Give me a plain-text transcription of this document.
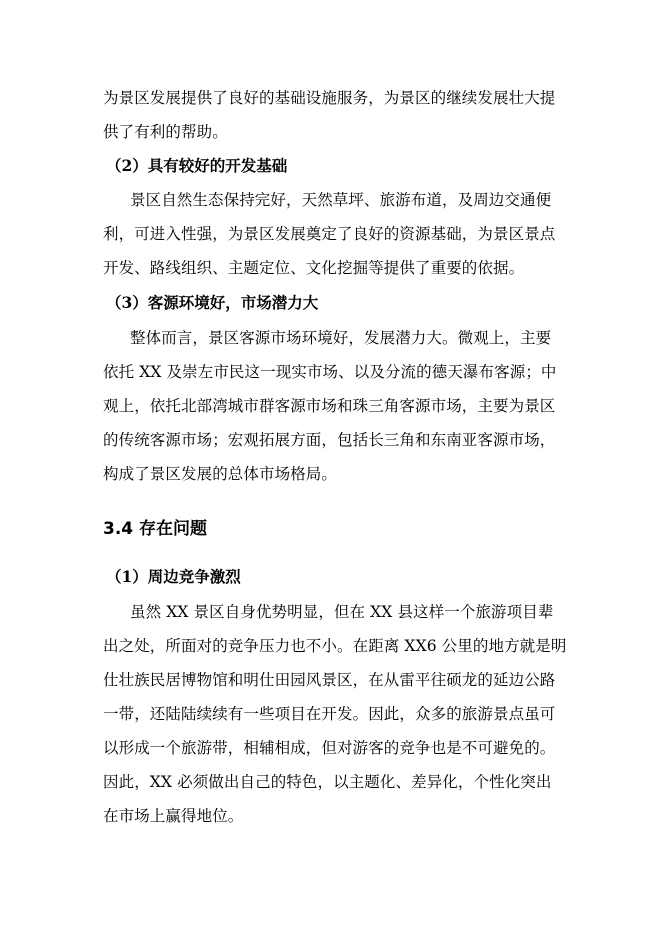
为景区发展提供了良好的基础设施服务，为景区的继续发展壮大提
供了有利的帮助。
（2）具有较好的开发基础
景区自然生态保持完好，天然草坪、旅游布道，及周边交通便
利，可进入性强，为景区发展奠定了良好的资源基础，为景区景点
开发、路线组织、主题定位、文化挖掘等提供了重要的依据。
（3）客源环境好，市场潜力大
整体而言，景区客源市场环境好，发展潜力大。微观上，主要
依托 XX 及崇左市民这一现实市场、以及分流的德天瀑布客源；中
观上，依托北部湾城市群客源市场和珠三角客源市场，主要为景区
的传统客源市场；宏观拓展方面，包括长三角和东南亚客源市场，
构成了景区发展的总体市场格局。
3.4 存在问题
（1）周边竞争激烈
虽然 XX 景区自身优势明显，但在 XX 县这样一个旅游项目辈
出之处，所面对的竞争压力也不小。在距离 XX6 公里的地方就是明
仕壮族民居博物馆和明仕田园风景区，在从雷平往硕龙的延边公路
一带，还陆陆续续有一些项目在开发。因此，众多的旅游景点虽可
以形成一个旅游带，相辅相成，但对游客的竞争也是不可避免的。
因此，XX 必须做出自己的特色，以主题化、差异化，个性化突出
在市场上赢得地位。
